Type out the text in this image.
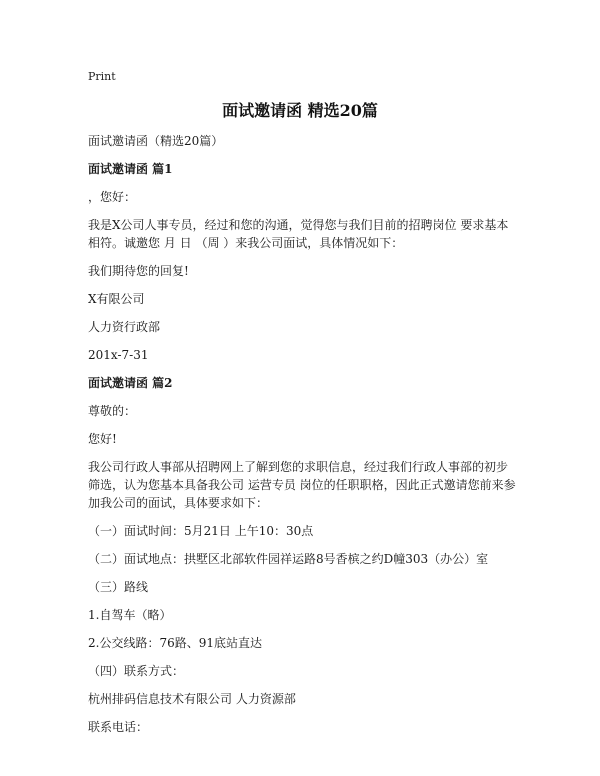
Print
面试邀请函 精选20篇

面试邀请函（精选20篇）

面试邀请函 篇1

，您好：

我是X公司人事专员，经过和您的沟通，觉得您与我们目前的招聘岗位 要求基本相符。诚邀您 月 日 （周 ）来我公司面试，具体情况如下：

我们期待您的回复!

X有限公司

人力资行政部

201x-7-31

面试邀请函 篇2

尊敬的：

您好!

我公司行政人事部从招聘网上了解到您的求职信息，经过我们行政人事部的初步筛选，认为您基本具备我公司 运营专员 岗位的任职职格，因此正式邀请您前来参加我公司的面试，具体要求如下：

（一）面试时间：5月21日 上午10：30点

（二）面试地点：拱墅区北部软件园祥运路8号香槟之约D幢303（办公）室

（三）路线

1.自驾车（略）

2.公交线路：76路、91底站直达

（四）联系方式：

杭州排码信息技术有限公司 人力资源部

联系电话：
